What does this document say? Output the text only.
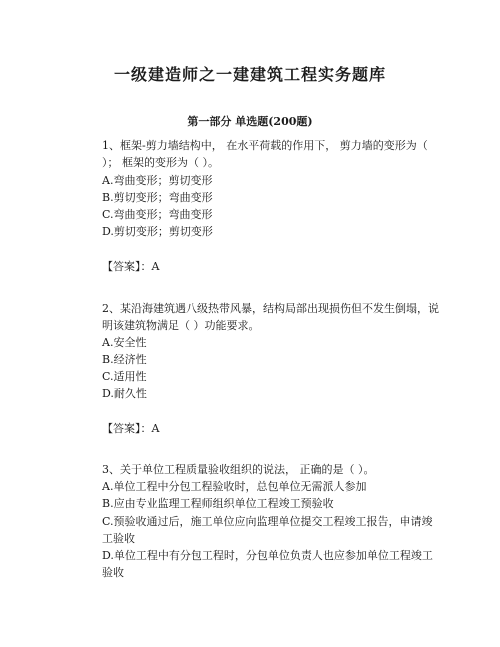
一级建造师之一建建筑工程实务题库
第一部分 单选题(200题)
1、框架-剪力墙结构中， 在水平荷载的作用下， 剪力墙的变形为（
）； 框架的变形为（ ）。
A.弯曲变形；剪切变形
B.剪切变形；弯曲变形
C.弯曲变形；弯曲变形
D.剪切变形；剪切变形
【答案】：A
2、某沿海建筑遇八级热带风暴，结构局部出现损伤但不发生倒塌，说
明该建筑物满足（ ）功能要求。
A.安全性
B.经济性
C.适用性
D.耐久性
【答案】：A
3、关于单位工程质量验收组织的说法， 正确的是（ ）。
A.单位工程中分包工程验收时，总包单位无需派人参加
B.应由专业监理工程师组织单位工程竣工预验收
C.预验收通过后，施工单位应向监理单位提交工程竣工报告，申请竣
工验收
D.单位工程中有分包工程时，分包单位负责人也应参加单位工程竣工
验收
